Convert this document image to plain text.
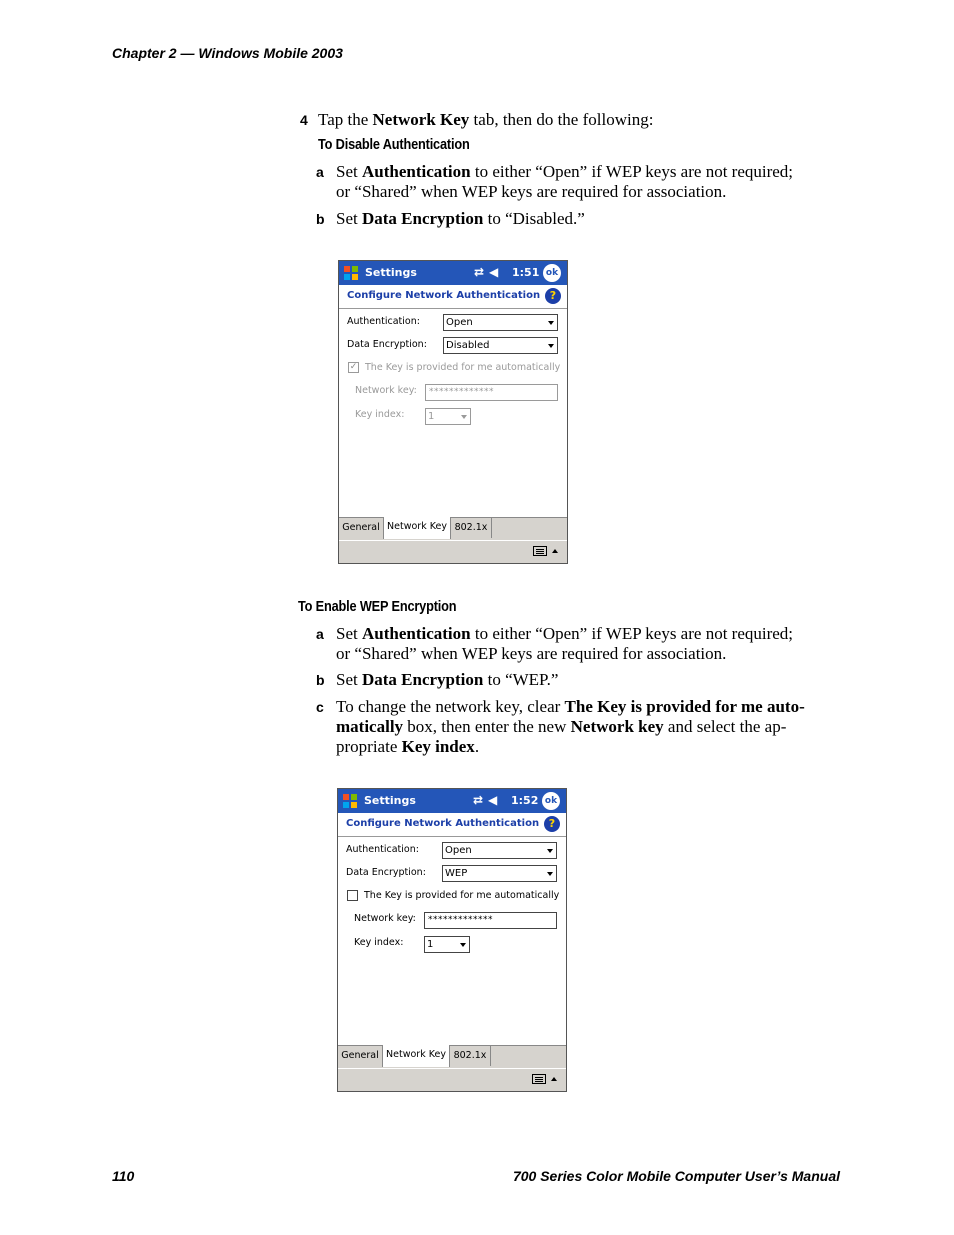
Chapter 2 — Windows Mobile 2003
110	700 Series Color Mobile Computer User’s Manual
4 Tap the Network Key tab, then do the following:
To Disable Authentication
a Set Authentication to either “Open” if WEP keys are not required;
or “Shared” when WEP keys are required for association.
b Set Data Encryption to “Disabled.”
Settings	⇄ ◀ 1:51 ok
Configure Network Authentication ?
Authentication:	Open
Data Encryption:	Disabled
✓ The Key is provided for me automatically
Network key:	*************
Key index:	1
General Network Key 802.1x
To Enable WEP Encryption
a Set Authentication to either “Open” if WEP keys are not required;
or “Shared” when WEP keys are required for association.
b Set Data Encryption to “WEP.”
c To change the network key, clear The Key is provided for me auto-
matically box, then enter the new Network key and select the ap-
propriate Key index.
Settings	⇄ ◀ 1:52 ok
Configure Network Authentication ?
Authentication:	Open
Data Encryption:	WEP
The Key is provided for me automatically
Network key:	*************
Key index:	1
General Network Key 802.1x
